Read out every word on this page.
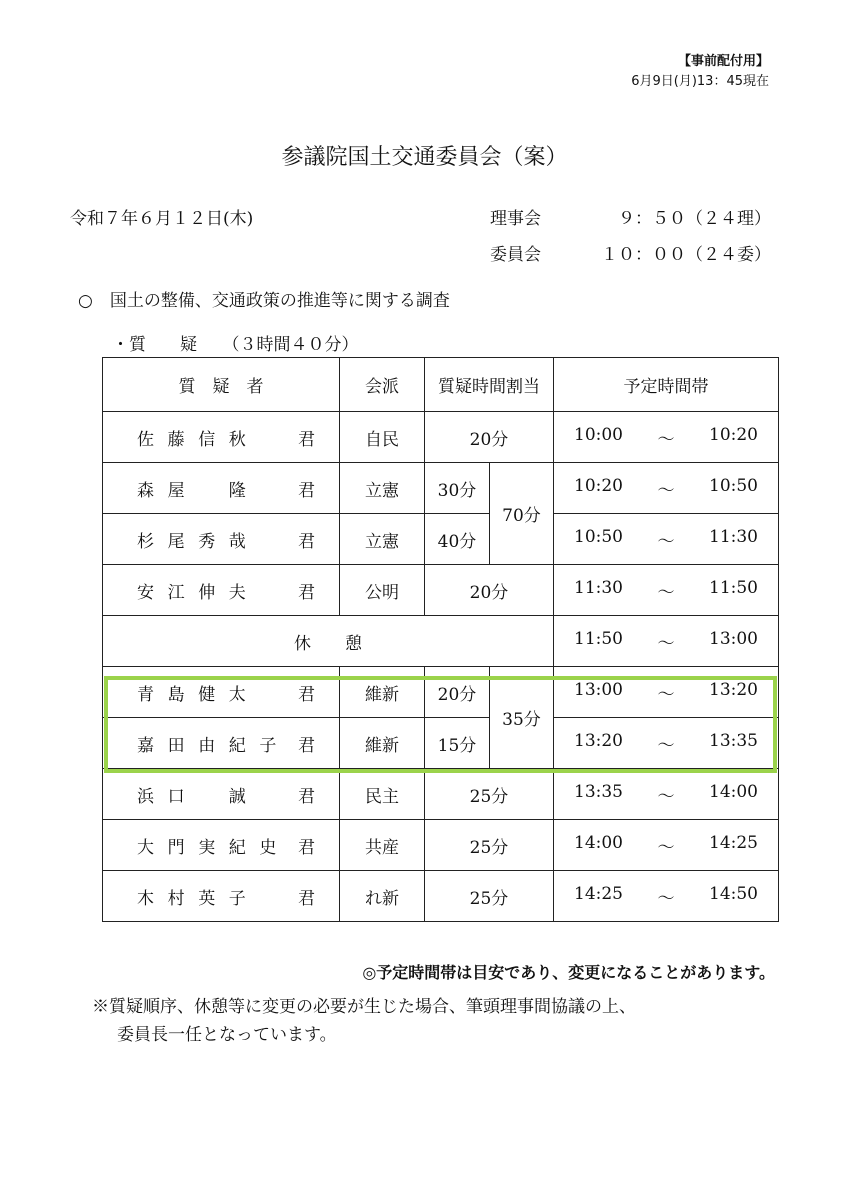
【事前配付用】
6月9日(月)13：45現在
参議院国土交通委員会（案）
令和７年６月１２日(木)	理事会	９：５０（２４理）
委員会	１０：００（２４委）
○　国土の整備、交通政策の推進等に関する調査
・質　　疑　　（３時間４０分）
質　疑　者	会派	質疑時間割当		予定時間帯

佐藤信秋 君	自民	20分		10:00 ～ 10:20

森屋　隆 君	立憲	30分	70分	10:20 ～ 10:50

杉尾秀哉 君	立憲	40分		10:50 ～ 11:30

安江伸夫 君	公明	20分		11:30 ～ 11:50

休　　憩				11:50 ～ 13:00

青島健太 君	維新	20分	35分	13:00 ～ 13:20

嘉田由紀子 君	維新	15分		13:20 ～ 13:35

浜口　誠 君	民主	25分		13:35 ～ 14:00

大門実紀史 君	共産	25分		14:00 ～ 14:25

木村英子 君	れ新	25分		14:25 ～ 14:50
◎予定時間帯は目安であり、変更になることがあります。
※質疑順序、休憩等に変更の必要が生じた場合、筆頭理事間協議の上、
委員長一任となっています。
